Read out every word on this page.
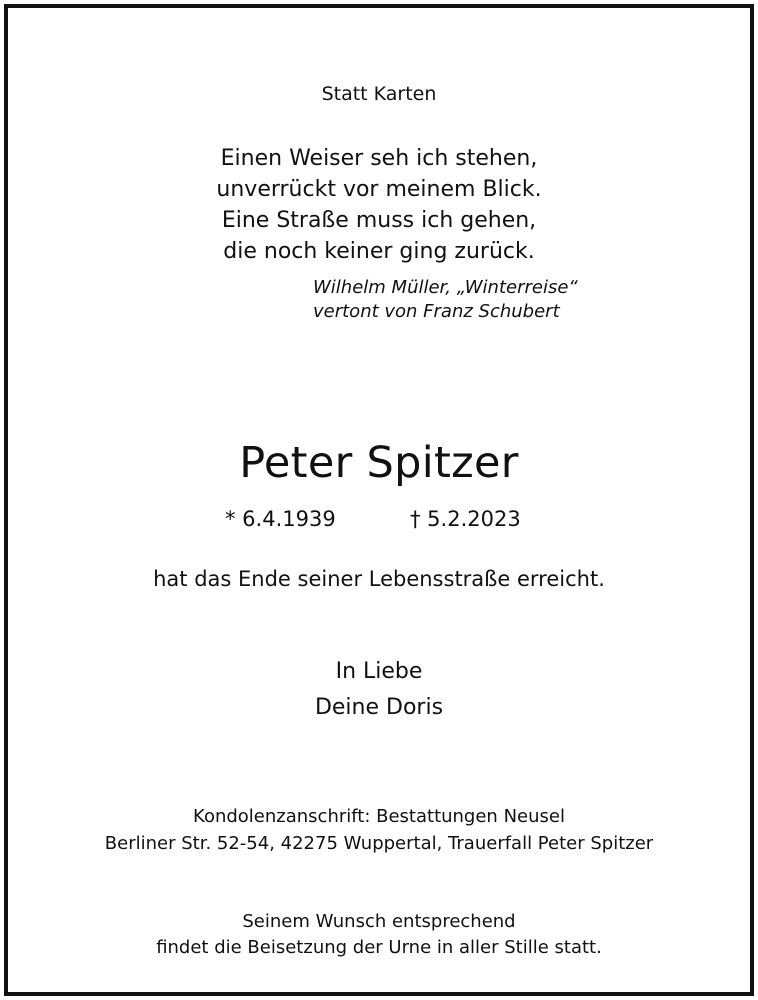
Statt Karten
Einen Weiser seh ich stehen,
unverrückt vor meinem Blick.
Eine Straße muss ich gehen,
die noch keiner ging zurück.
Wilhelm Müller, „Winterreise“
vertont von Franz Schubert
Peter Spitzer
* 6.4.1939	† 5.2.2023
hat das Ende seiner Lebensstraße erreicht.
In Liebe
Deine Doris
Kondolenzanschrift: Bestattungen Neusel
Berliner Str. 52-54, 42275 Wuppertal, Trauerfall Peter Spitzer
Seinem Wunsch entsprechend
findet die Beisetzung der Urne in aller Stille statt.
